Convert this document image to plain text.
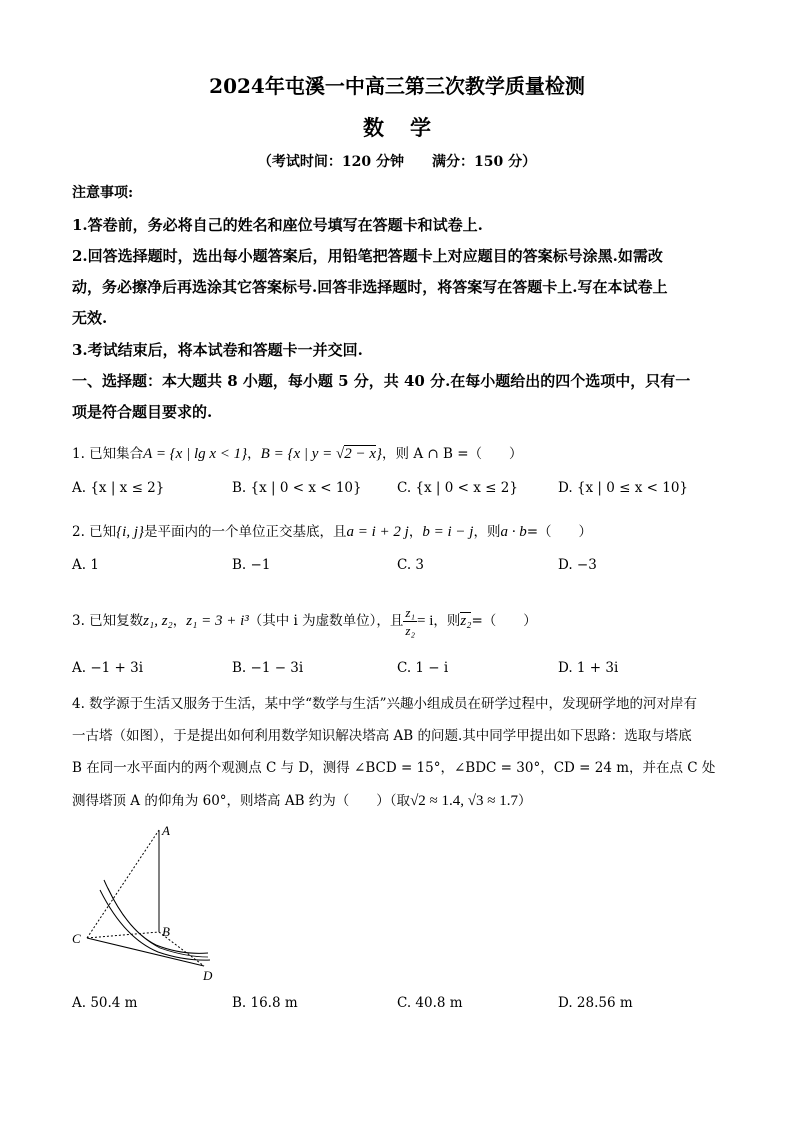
2024年屯溪一中高三第三次教学质量检测
数学
（考试时间：120 分钟 满分：150 分）
注意事项:
1.答卷前，务必将自己的姓名和座位号填写在答题卡和试卷上.
2.回答选择题时，选出每小题答案后，用铅笔把答题卡上对应题目的答案标号涂黑.如需改
动，务必擦净后再选涂其它答案标号.回答非选择题时，将答案写在答题卡上.写在本试卷上
无效.
3.考试结束后，将本试卷和答题卡一并交回.
一、选择题：本大题共 8 小题，每小题 5 分，共 40 分.在每小题给出的四个选项中，只有一
项是符合题目要求的.
1. 已知集合A = {x | lg x < 1}，B = {x | y = √2 − x}，则 A ∩ B =（　　）
A. {x | x ≤ 2}	B. {x | 0 < x < 10}	C. {x | 0 < x ≤ 2}	D. {x | 0 ≤ x < 10}
2. 已知{i, j}是平面内的一个单位正交基底，且a = i + 2 j，b = i − j，则a · b=（　　）
A. 1	B. −1	C. 3	D. −3
3. 已知复数z₁, z₂，z₁ = 3 + i³（其中 i 为虚数单位），且 $\frac{\text{z₁}}{\text{z₂}} = i$，则z₂=（　　）
A. −1 + 3i	B. −1 − 3i	C. 1 − i	D. 1 + 3i
4. 数学源于生活又服务于生活，某中学“数学与生活”兴趣小组成员在研学过程中，发现研学地的河对岸有
一古塔（如图），于是提出如何利用数学知识解决塔高 AB 的问题.其中同学甲提出如下思路：选取与塔底
B 在同一水平面内的两个观测点 C 与 D，测得 ∠BCD = 15°，∠BDC = 30°，CD = 24 m，并在点 C 处
测得塔顶 A 的仰角为 60°，则塔高 AB 约为（　　）（取√2 ≈ 1.4, √3 ≈ 1.7）
A
B
C
D
A. 50.4 m	B. 16.8 m	C. 40.8 m	D. 28.56 m
